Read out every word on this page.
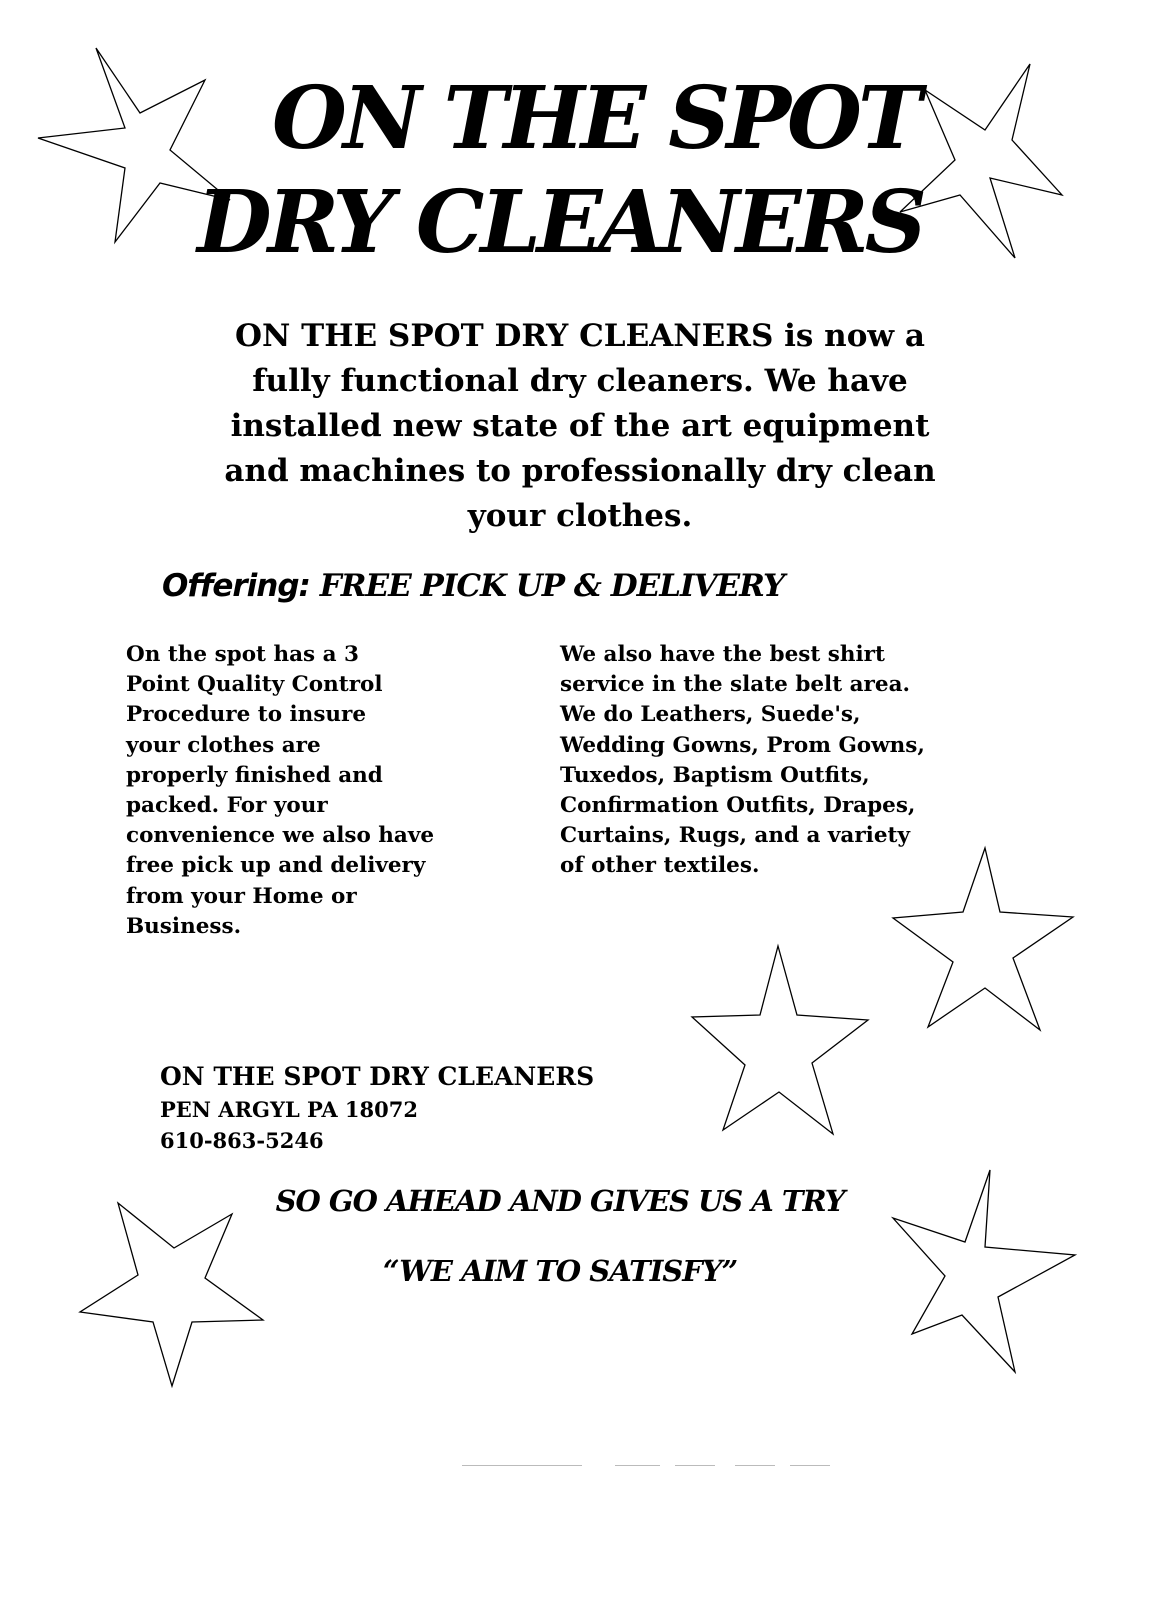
ON THE SPOT
DRY CLEANERS

ON THE SPOT DRY CLEANERS is now a
fully functional dry cleaners. We have
installed new state of the art equipment
and machines to professionally dry clean
your clothes.

Offering: FREE PICK UP & DELIVERY

On the spot has a 3
Point Quality Control
Procedure to insure
your clothes are
properly finished and
packed. For your
convenience we also have
free pick up and delivery
from your Home or
Business.

We also have the best shirt
service in the slate belt area.
We do Leathers, Suede's,
Wedding Gowns, Prom Gowns,
Tuxedos, Baptism Outfits,
Confirmation Outfits, Drapes,
Curtains, Rugs, and a variety
of other textiles.

ON THE SPOT DRY CLEANERS
PEN ARGYL PA 18072
610-863-5246

SO GO AHEAD AND GIVES US A TRY

“WE AIM TO SATISFY”
